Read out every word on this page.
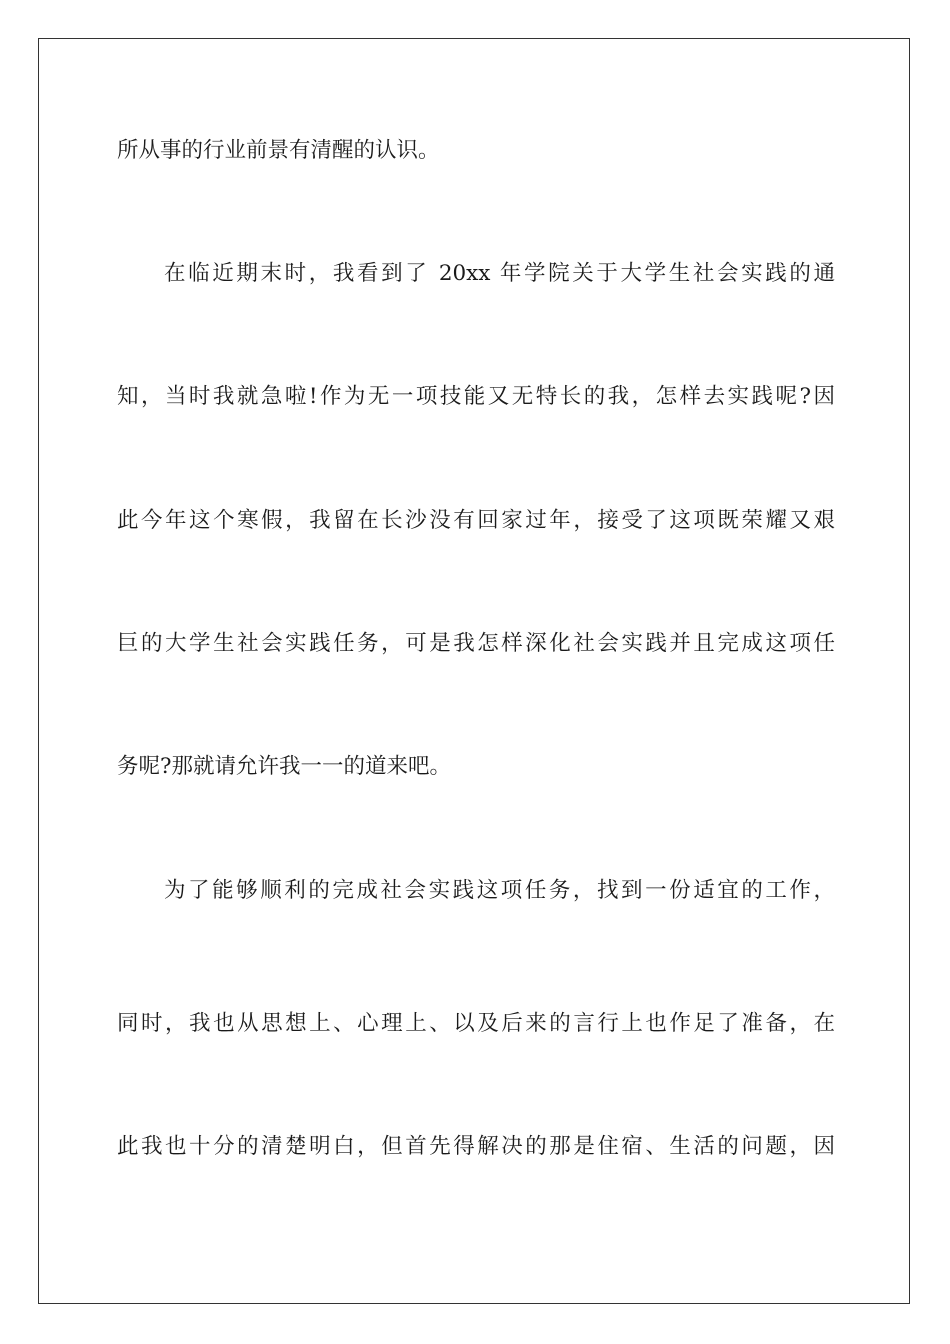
所从事的行业前景有清醒的认识。

在临近期末时，我看到了 20xx 年学院关于大学生社会实践的通

知，当时我就急啦!作为无一项技能又无特长的我，怎样去实践呢?因

此今年这个寒假，我留在长沙没有回家过年，接受了这项既荣耀又艰

巨的大学生社会实践任务，可是我怎样深化社会实践并且完成这项任

务呢?那就请允许我一一的道来吧。

为了能够顺利的完成社会实践这项任务，找到一份适宜的工作，

同时，我也从思想上、心理上、以及后来的言行上也作足了准备，在

此我也十分的清楚明白，但首先得解决的那是住宿、生活的问题，因
